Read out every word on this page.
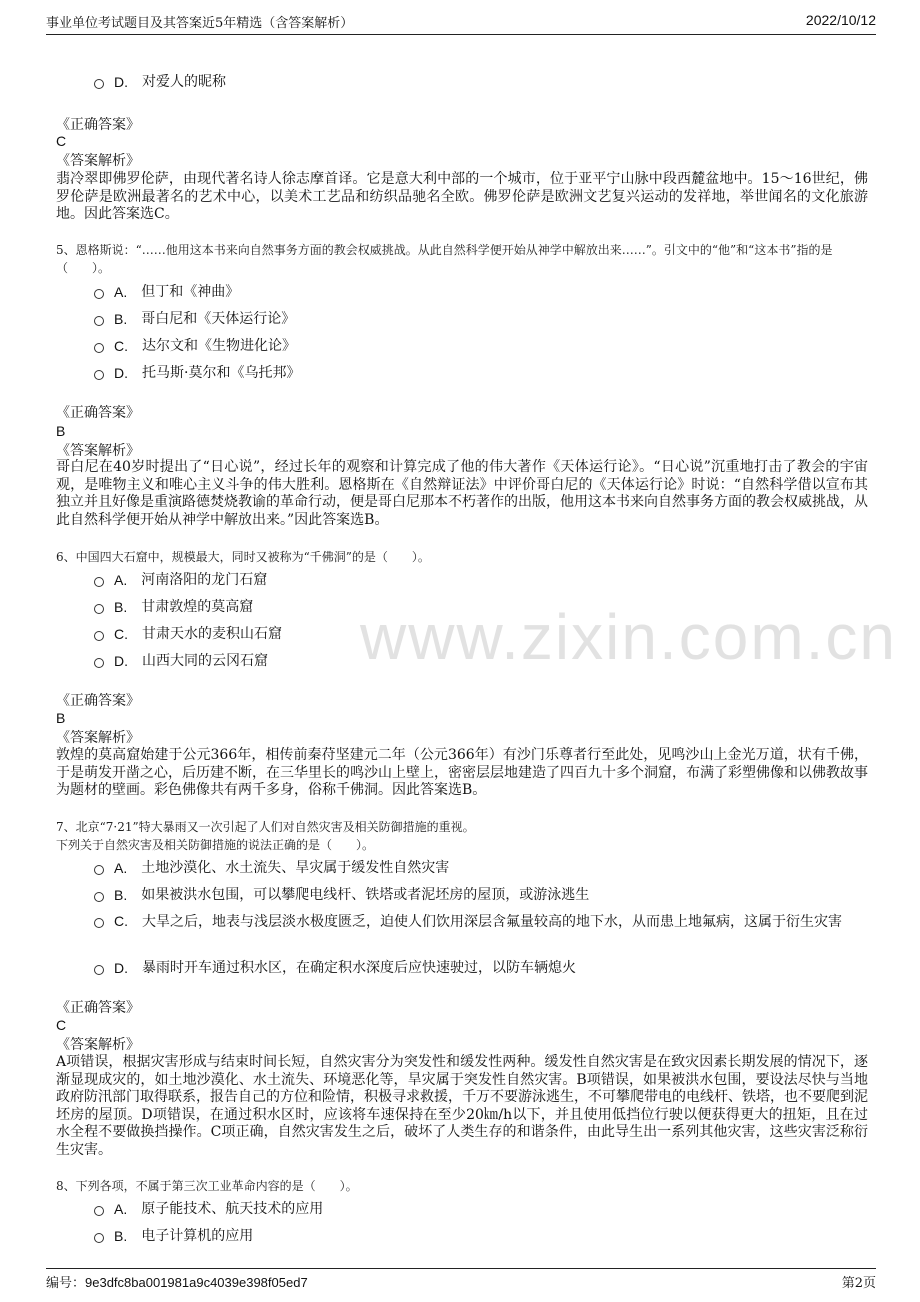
事业单位考试题目及其答案近5年精选（含答案解析）	2022/10/12
www.zixin.com.cn
D. 对爱人的昵称
《正确答案》
C
《答案解析》
翡冷翠即佛罗伦萨，由现代著名诗人徐志摩首译。它是意大利中部的一个城市，位于亚平宁山脉中段西麓盆地中。15～16世纪，佛罗伦萨是欧洲最著名的艺术中心，以美术工艺品和纺织品驰名全欧。佛罗伦萨是欧洲文艺复兴运动的发祥地，举世闻名的文化旅游地。因此答案选C。
5、恩格斯说：“……他用这本书来向自然事务方面的教会权威挑战。从此自然科学便开始从神学中解放出来……”。引文中的“他”和“这本书”指的是（　　）。
A. 但丁和《神曲》
B. 哥白尼和《天体运行论》
C. 达尔文和《生物进化论》
D. 托马斯·莫尔和《乌托邦》
《正确答案》
B
《答案解析》
哥白尼在40岁时提出了“日心说”，经过长年的观察和计算完成了他的伟大著作《天体运行论》。“日心说”沉重地打击了教会的宇宙观，是唯物主义和唯心主义斗争的伟大胜利。恩格斯在《自然辩证法》中评价哥白尼的《天体运行论》时说：“自然科学借以宣布其独立并且好像是重演路德焚烧教谕的革命行动，便是哥白尼那本不朽著作的出版，他用这本书来向自然事务方面的教会权威挑战，从此自然科学便开始从神学中解放出来。”因此答案选B。
6、中国四大石窟中，规模最大，同时又被称为“千佛洞”的是（　　）。
A. 河南洛阳的龙门石窟
B. 甘肃敦煌的莫高窟
C. 甘肃天水的麦积山石窟
D. 山西大同的云冈石窟
《正确答案》
B
《答案解析》
敦煌的莫高窟始建于公元366年，相传前秦苻坚建元二年（公元366年）有沙门乐尊者行至此处，见鸣沙山上金光万道，状有千佛，于是萌发开凿之心，后历建不断，在三华里长的鸣沙山上壁上，密密层层地建造了四百九十多个洞窟，布满了彩塑佛像和以佛教故事为题材的壁画。彩色佛像共有两千多身，俗称千佛洞。因此答案选B。
7、北京“7·21”特大暴雨又一次引起了人们对自然灾害及相关防御措施的重视。
下列关于自然灾害及相关防御措施的说法正确的是（　　）。
A. 土地沙漠化、水土流失、旱灾属于缓发性自然灾害
B. 如果被洪水包围，可以攀爬电线杆、铁塔或者泥坯房的屋顶，或游泳逃生
C. 大旱之后，地表与浅层淡水极度匮乏，迫使人们饮用深层含氟量较高的地下水，从而患上地氟病，这属于衍生灾害
D. 暴雨时开车通过积水区，在确定积水深度后应快速驶过，以防车辆熄火
《正确答案》
C
《答案解析》
A项错误，根据灾害形成与结束时间长短，自然灾害分为突发性和缓发性两种。缓发性自然灾害是在致灾因素长期发展的情况下，逐渐显现成灾的，如土地沙漠化、水土流失、环境恶化等，旱灾属于突发性自然灾害。B项错误，如果被洪水包围，要设法尽快与当地政府防汛部门取得联系，报告自己的方位和险情，积极寻求救援，千万不要游泳逃生，不可攀爬带电的电线杆、铁塔，也不要爬到泥坯房的屋顶。D项错误，在通过积水区时，应该将车速保持在至少20㎞/h以下，并且使用低挡位行驶以便获得更大的扭矩，且在过水全程不要做换挡操作。C项正确，自然灾害发生之后，破坏了人类生存的和谐条件，由此导生出一系列其他灾害，这些灾害泛称衍生灾害。
8、下列各项，不属于第三次工业革命内容的是（　　）。
A. 原子能技术、航天技术的应用
B. 电子计算机的应用
编号：9e3dfc8ba001981a9c4039e398f05ed7	第2页
